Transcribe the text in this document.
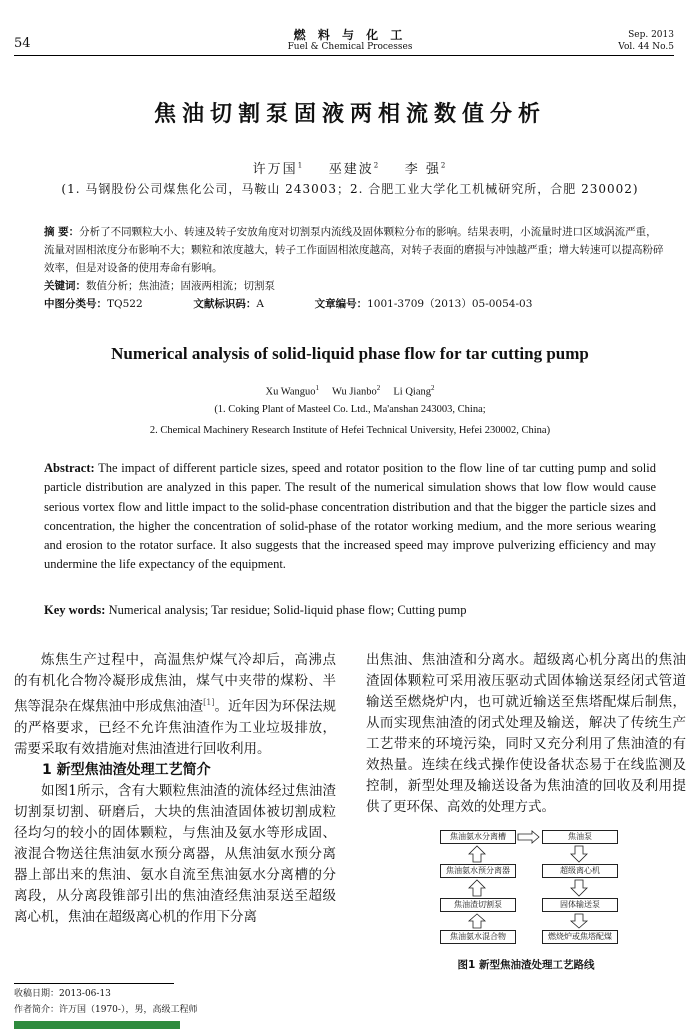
54
燃 料 与 化 工
Fuel & Chemical Processes
Sep. 2013
Vol. 44 No.5
焦油切割泵固液两相流数值分析
许万国$^1$ 巫建波$^2$ 李 强$^2$
(1. 马钢股份公司煤焦化公司，马鞍山 243003；2. 合肥工业大学化工机械研究所，合肥 230002)
摘 要：分析了不同颗粒大小、转速及转子安放角度对切割泵内流线及固体颗粒分布的影响。结果表明，小流量时进口区域涡流严重，流量对固相浓度分布影响不大；颗粒和浓度越大，转子工作面固相浓度越高，对转子表面的磨损与冲蚀越严重；增大转速可以提高粉碎效率，但是对设备的使用寿命有影响。
关键词：数值分析；焦油渣；固液两相流；切割泵
中图分类号：TQ522	文献标识码：A	文章编号：1001-3709（2013）05-0054-03
Numerical analysis of solid-liquid phase flow for tar cutting pump
Xu Wanguo$^1$ Wu Jianbo$^2$ Li Qiang$^2$
(1. Coking Plant of Masteel Co. Ltd., Ma'anshan 243003, China;
2. Chemical Machinery Research Institute of Hefei Technical University, Hefei 230002, China)
Abstract: The impact of different particle sizes, speed and rotator position to the flow line of tar cutting pump and solid particle distribution are analyzed in this paper. The result of the numerical simulation shows that low flow would cause serious vortex flow and little impact to the solid-phase concentration distribution and that the bigger the particle sizes and concentration, the higher the concentration of solid-phase of the rotator working medium, and the more serious wearing and erosion to the rotator surface. It also suggests that the increased speed may improve pulverizing efficiency and may undermine the life expectancy of the equipment.
Key words: Numerical analysis; Tar residue; Solid-liquid phase flow; Cutting pump

炼焦生产过程中，高温焦炉煤气冷却后，高沸点的有机化合物冷凝形成焦油，煤气中夹带的煤粉、半焦等混杂在煤焦油中形成焦油渣[1]。近年因为环保法规的严格要求，已经不允许焦油渣作为工业垃圾排放，需要采取有效措施对焦油渣进行回收利用。

1 新型焦油渣处理工艺简介

如图1所示，含有大颗粒焦油渣的流体经过焦油渣切割泵切割、研磨后，大块的焦油渣固体被切割成粒径均匀的较小的固体颗粒，与焦油及氨水等形成固、液混合物送往焦油氨水预分离器，从焦油氨水预分离器上部出来的焦油、氨水自流至焦油氨水分离槽的分离段，从分离段锥部引出的焦油渣经焦油泵送至超级离心机，焦油在超级离心机的作用下分离

出焦油、焦油渣和分离水。超级离心机分离出的焦油渣固体颗粒可采用液压驱动式固体输送泵经闭式管道输送至燃烧炉内，也可就近输送至焦塔配煤后制焦，从而实现焦油渣的闭式处理及输送，解决了传统生产工艺带来的环境污染，同时又充分利用了焦油渣的有效热量。连续在线式操作使设备状态易于在线监测及控制，新型处理及输送设备为焦油渣的回收及利用提供了更环保、高效的处理方式。

焦油氨水分离槽
焦油氨水预分离器
焦油渣切割泵
焦油氨水混合物
焦油泵
超级离心机
固体输送泵
燃烧炉或焦塔配煤
图1 新型焦油渣处理工艺路线
收稿日期：2013-06-13
作者简介：许万国（1970-），男，高级工程师
